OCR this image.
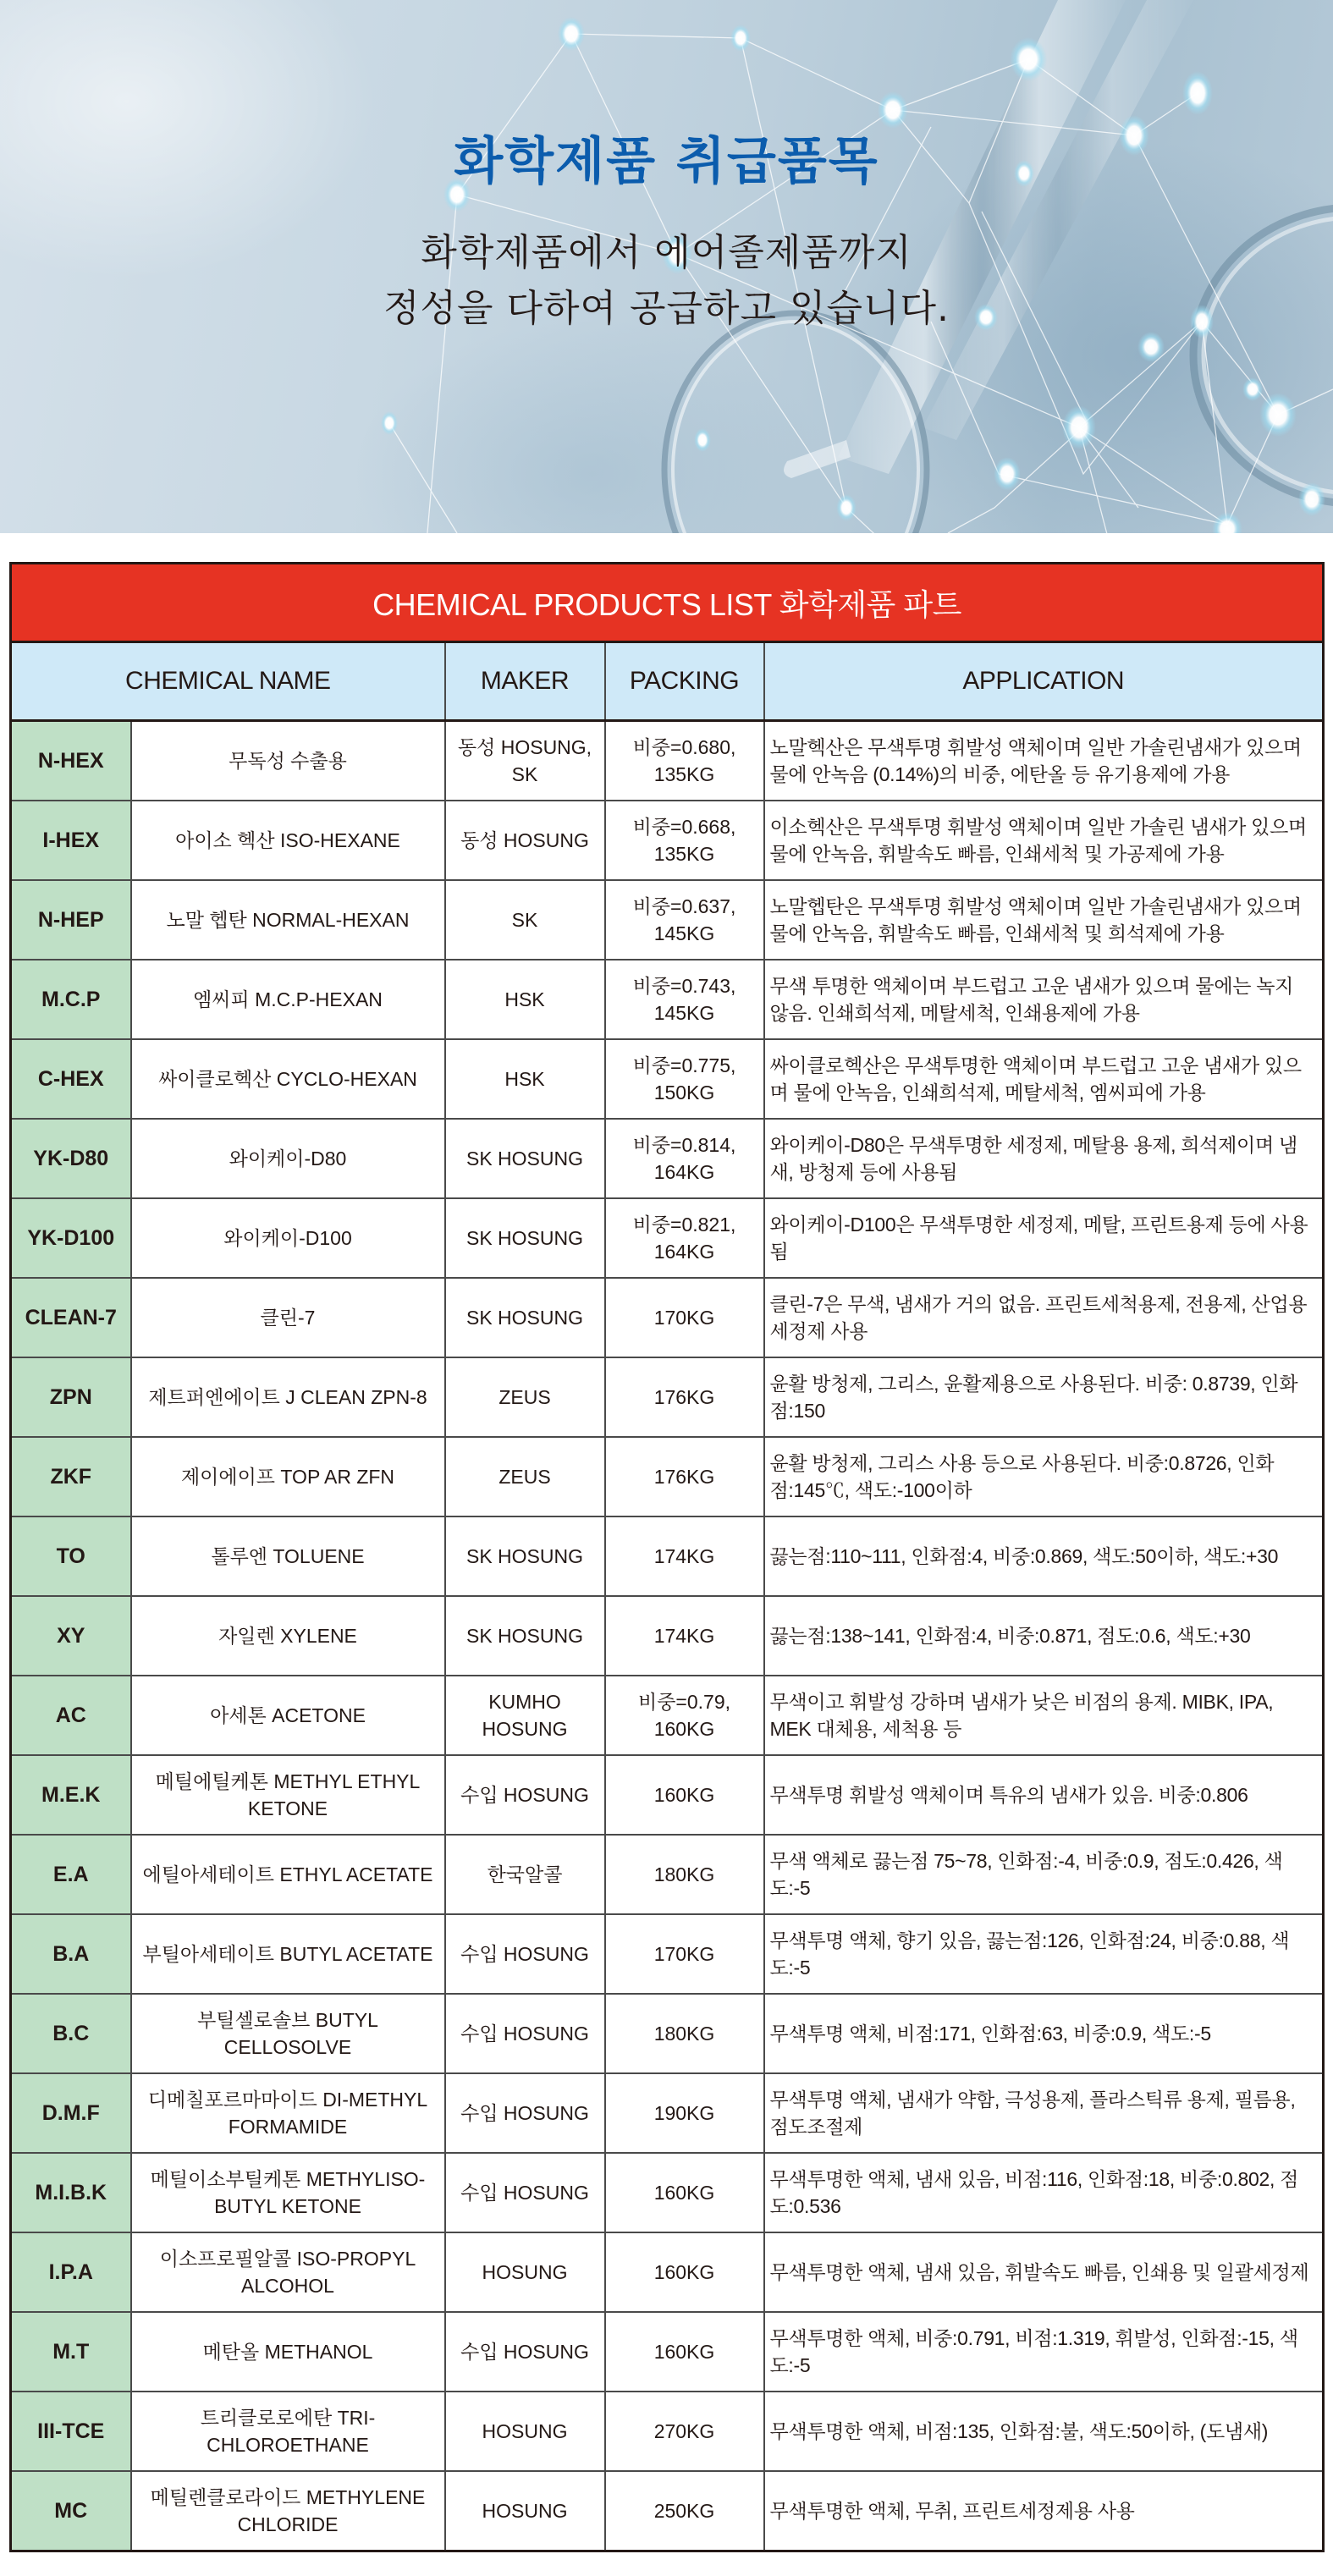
화학제품 취급품목
화학제품에서 에어졸제품까지
정성을 다하여 공급하고 있습니다.
CHEMICAL PRODUCTS LIST 화학제품 파트				
CHEMICAL NAME		MAKER	PACKING	APPLICATION
N-HEX	무독성 수출용	동성 HOSUNG, SK	비중=0.680, 135KG	노말헥산은 무색투명 휘발성 액체이며 일반 가솔린냄새가 있으며 물에 안녹음 (0.14%)의 비중, 에탄올 등 유기용제에 가용
I-HEX	아이소 헥산 ISO-HEXANE	동성 HOSUNG	비중=0.668, 135KG	이소헥산은 무색투명 휘발성 액체이며 일반 가솔린 냄새가 있으며 물에 안녹음, 휘발속도 빠름, 인쇄세척 및 가공제에 가용
N-HEP	노말 헵탄 NORMAL-HEXAN	SK	비중=0.637, 145KG	노말헵탄은 무색투명 휘발성 액체이며 일반 가솔린냄새가 있으며 물에 안녹음, 휘발속도 빠름, 인쇄세척 및 희석제에 가용
M.C.P	엠씨피 M.C.P-HEXAN	HSK	비중=0.743, 145KG	무색 투명한 액체이며 부드럽고 고운 냄새가 있으며 물에는 녹지 않음. 인쇄희석제, 메탈세척, 인쇄용제에 가용
C-HEX	싸이클로헥산 CYCLO-HEXAN	HSK	비중=0.775, 150KG	싸이클로헥산은 무색투명한 액체이며 부드럽고 고운 냄새가 있으며 물에 안녹음, 인쇄희석제, 메탈세척, 엠씨피에 가용
YK-D80	와이케이-D80	SK HOSUNG	비중=0.814, 164KG	와이케이-D80은 무색투명한 세정제, 메탈용 용제, 희석제이며 냄새, 방청제 등에 사용됨
YK-D100	와이케이-D100	SK HOSUNG	비중=0.821, 164KG	와이케이-D100은 무색투명한 세정제, 메탈, 프린트용제 등에 사용됨
CLEAN-7	클린-7	SK HOSUNG	170KG	클린-7은 무색, 냄새가 거의 없음. 프린트세척용제, 전용제, 산업용세정제 사용
ZPN	제트퍼엔에이트 J CLEAN ZPN-8	ZEUS	176KG	윤활 방청제, 그리스, 윤활제용으로 사용된다. 비중: 0.8739, 인화점:150
ZKF	제이에이프 TOP AR ZFN	ZEUS	176KG	윤활 방청제, 그리스 사용 등으로 사용된다. 비중:0.8726, 인화점:145℃, 색도:-100이하
TO	톨루엔 TOLUENE	SK HOSUNG	174KG	끓는점:110~111, 인화점:4, 비중:0.869, 색도:50이하, 색도:+30
XY	자일렌 XYLENE	SK HOSUNG	174KG	끓는점:138~141, 인화점:4, 비중:0.871, 점도:0.6, 색도:+30
AC	아세톤 ACETONE	KUMHO HOSUNG	비중=0.79, 160KG	무색이고 휘발성 강하며 냄새가 낮은 비점의 용제. MIBK, IPA, MEK 대체용, 세척용 등
M.E.K	메틸에틸케톤 METHYL ETHYL KETONE	수입 HOSUNG	160KG	무색투명 휘발성 액체이며 특유의 냄새가 있음. 비중:0.806
E.A	에틸아세테이트 ETHYL ACETATE	한국알콜	180KG	무색 액체로 끓는점 75~78, 인화점:-4, 비중:0.9, 점도:0.426, 색도:-5
B.A	부틸아세테이트 BUTYL ACETATE	수입 HOSUNG	170KG	무색투명 액체, 향기 있음, 끓는점:126, 인화점:24, 비중:0.88, 색도:-5
B.C	부틸셀로솔브 BUTYL CELLOSOLVE	수입 HOSUNG	180KG	무색투명 액체, 비점:171, 인화점:63, 비중:0.9, 색도:-5
D.M.F	디메칠포르마마이드 DI-METHYL FORMAMIDE	수입 HOSUNG	190KG	무색투명 액체, 냄새가 약함, 극성용제, 플라스틱류 용제, 필름용, 점도조절제
M.I.B.K	메틸이소부틸케톤 METHYLISO-BUTYL KETONE	수입 HOSUNG	160KG	무색투명한 액체, 냄새 있음, 비점:116, 인화점:18, 비중:0.802, 점도:0.536
I.P.A	이소프로필알콜 ISO-PROPYL ALCOHOL	HOSUNG	160KG	무색투명한 액체, 냄새 있음, 휘발속도 빠름, 인쇄용 및 일괄세정제
M.T	메탄올 METHANOL	수입 HOSUNG	160KG	무색투명한 액체, 비중:0.791, 비점:1.319, 휘발성, 인화점:-15, 색도:-5
III-TCE	트리클로로에탄 TRI-CHLOROETHANE	HOSUNG	270KG	무색투명한 액체, 비점:135, 인화점:불, 색도:50이하, (도냄새)
MC	메틸렌클로라이드 METHYLENE CHLORIDE	HOSUNG	250KG	무색투명한 액체, 무취, 프린트세정제용 사용
